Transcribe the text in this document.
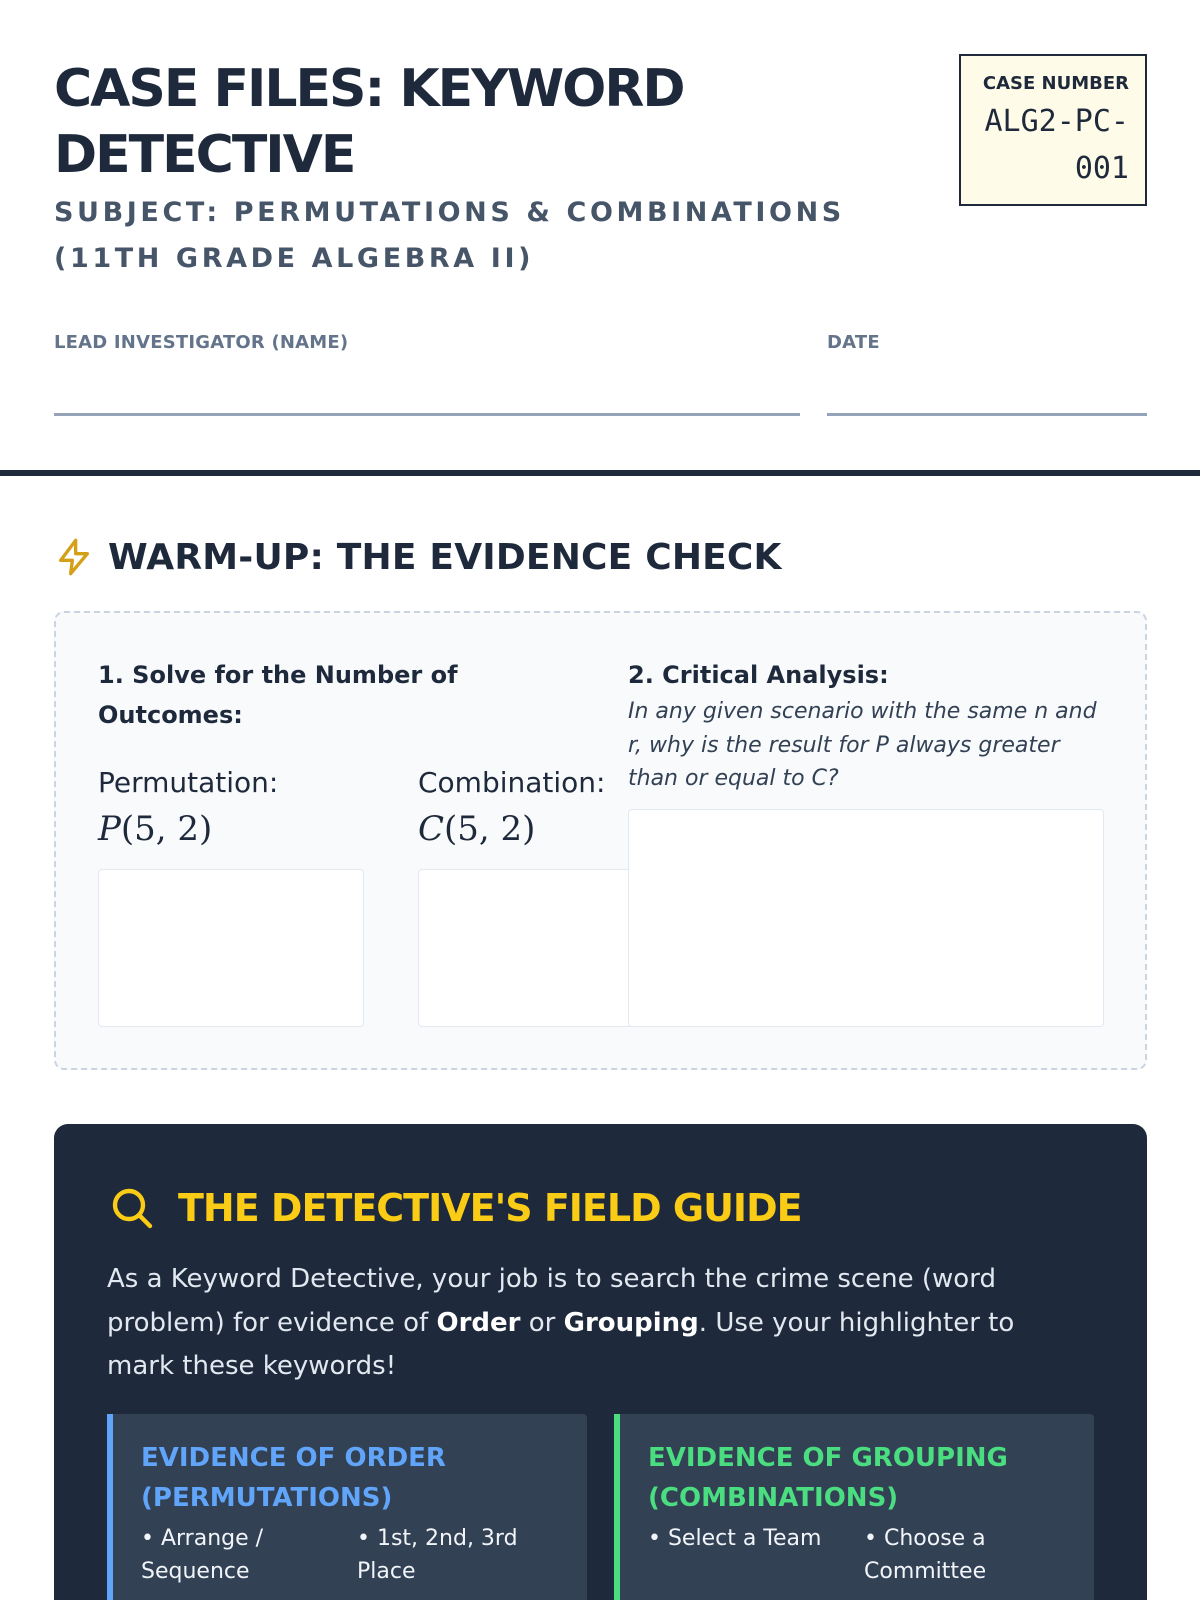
CASE FILES: KEYWORD DETECTIVE
SUBJECT: PERMUTATIONS & COMBINATIONS (11TH GRADE ALGEBRA II)
CASE NUMBER
ALG2-PC-001
LEAD INVESTIGATOR (NAME)	DATE
WARM-UP: THE EVIDENCE CHECK
1. Solve for the Number of Outcomes:
Permutation:
P(5, 2)
Combination:
C(5, 2)
2. Critical Analysis:
In any given scenario with the same n and r, why is the result for P always greater than or equal to C?
THE DETECTIVE'S FIELD GUIDE

As a Keyword Detective, your job is to search the crime scene (word problem) for evidence of Order or Grouping. Use your highlighter to mark these keywords!

EVIDENCE OF ORDER (PERMUTATIONS)
• Arrange / Sequence
• 1st, 2nd, 3rd Place
EVIDENCE OF GROUPING (COMBINATIONS)
• Select a Team	• Choose a Committee
